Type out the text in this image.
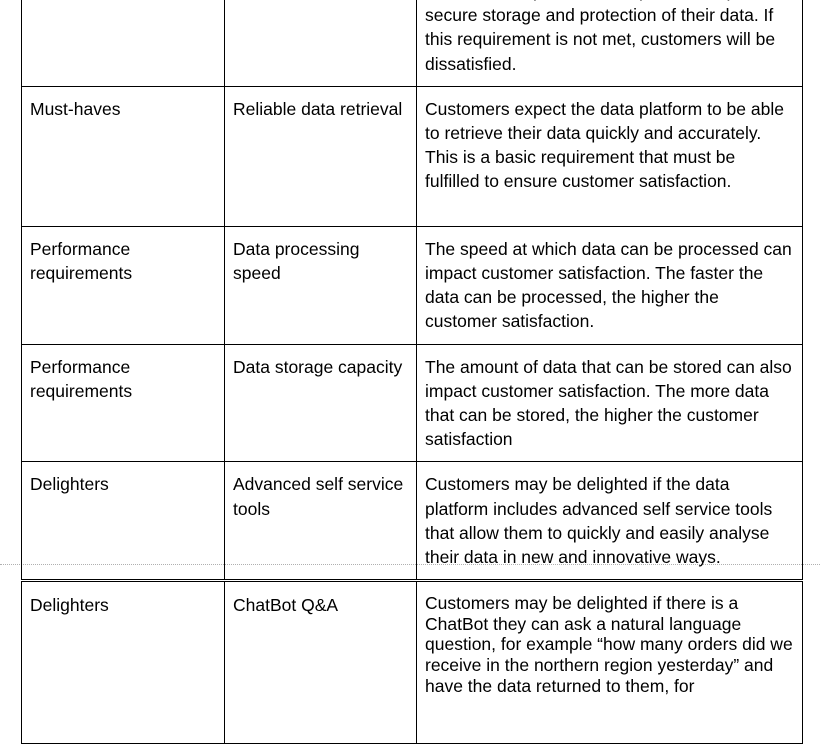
		secure storage and protection of their data. If this requirement is not met, customers will be dissatisfied.
Must-haves	Reliable data retrieval	Customers expect the data platform to be able to retrieve their data quickly and accurately. This is a basic requirement that must be fulfilled to ensure customer satisfaction.
Performance requirements	Data processing speed	The speed at which data can be processed can impact customer satisfaction. The faster the data can be processed, the higher the customer satisfaction.
Performance requirements	Data storage capacity	The amount of data that can be stored can also impact customer satisfaction. The more data that can be stored, the higher the customer satisfaction
Delighters	Advanced self service tools	Customers may be delighted if the data platform includes advanced self service tools that allow them to quickly and easily analyse their data in new and innovative ways.
Delighters	ChatBot Q&A	Customers may be delighted if there is a ChatBot they can ask a natural language question, for example “how many orders did we receive in the northern region yesterday” and have the data returned to them, for
